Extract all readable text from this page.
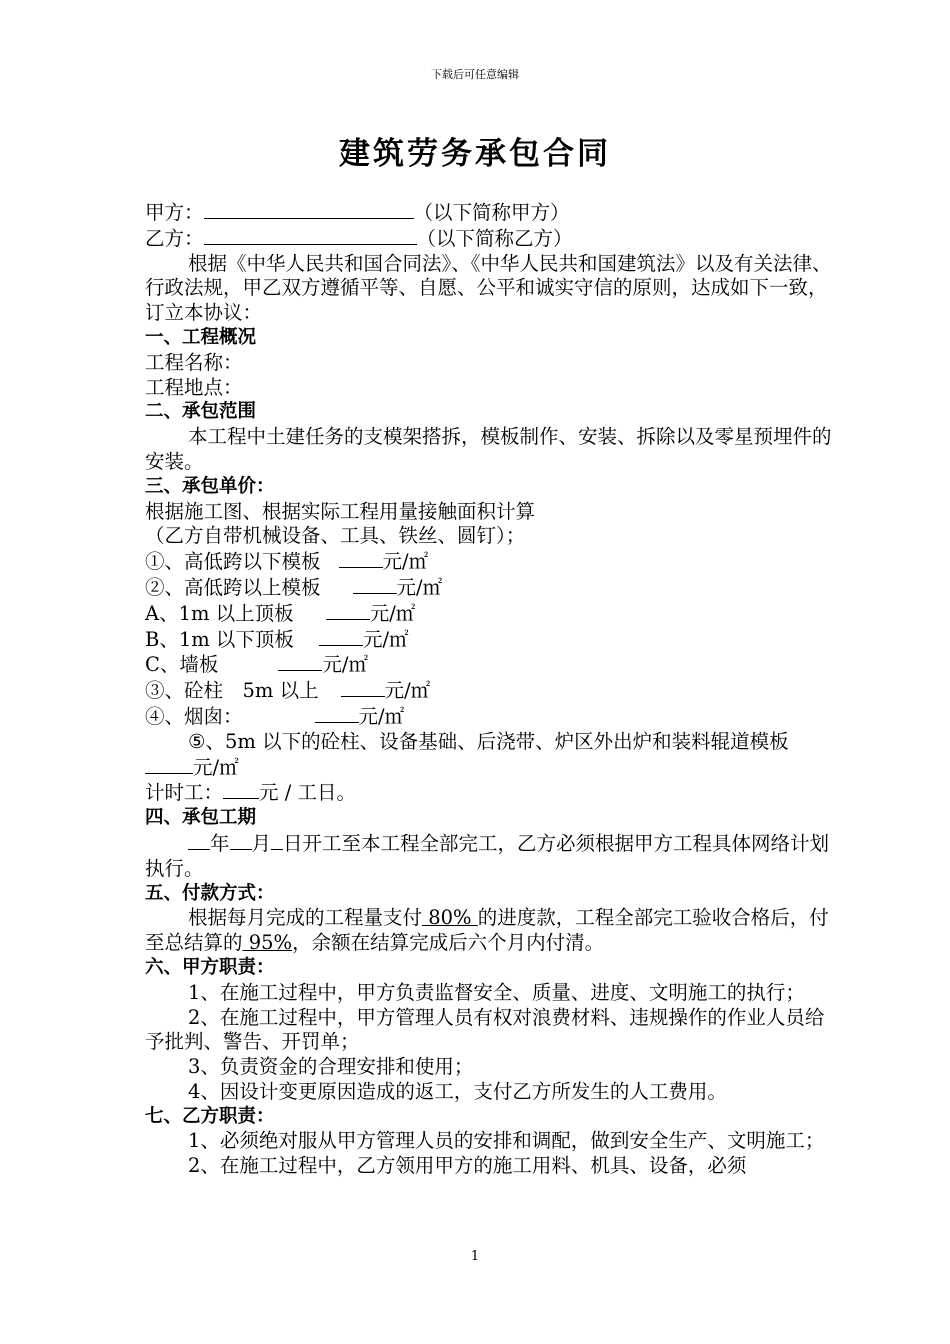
下载后可任意编辑
建筑劳务承包合同

甲方：	（以下简称甲方）

乙方：	（以下简称乙方）

根据《中华人民共和国合同法》、《中华人民共和国建筑法》以及有关法律、行政法规，甲乙双方遵循平等、自愿、公平和诚实守信的原则，达成如下一致，订立本协议：

一、工程概况

工程名称：

工程地点：

二、承包范围

本工程中土建任务的支模架搭拆，模板制作、安装、拆除以及零星预埋件的安装。

三、承包单价：

根据施工图、根据实际工程用量接触面积计算

（乙方自带机械设备、工具、铁丝、圆钉）；

①、高低跨以下模板	元/㎡

②、高低跨以上模板	元/㎡

A、1m 以上顶板	元/㎡

B、1m 以下顶板	元/㎡

C、墙板	元/㎡

③、砼柱　5m 以上	元/㎡

④、烟囱：	元/㎡

⑤、5m 以下的砼柱、设备基础、后浇带、炉区外出炉和装料辊道模板 元/㎡

计时工： 元 / 工日。

四、承包工期

年 月 日开工至本工程全部完工，乙方必须根据甲方工程具体网络计划执行。

五、付款方式：

根据每月完成的工程量支付 80% 的进度款，工程全部完工验收合格后，付至总结算的 95%，余额在结算完成后六个月内付清。

六、甲方职责：

1、在施工过程中，甲方负责监督安全、质量、进度、文明施工的执行；

2、在施工过程中，甲方管理人员有权对浪费材料、违规操作的作业人员给予批判、警告、开罚单；

3、负责资金的合理安排和使用；

4、因设计变更原因造成的返工，支付乙方所发生的人工费用。

七、乙方职责：

1、必须绝对服从甲方管理人员的安排和调配，做到安全生产、文明施工；

2、在施工过程中，乙方领用甲方的施工用料、机具、设备，必须

1
